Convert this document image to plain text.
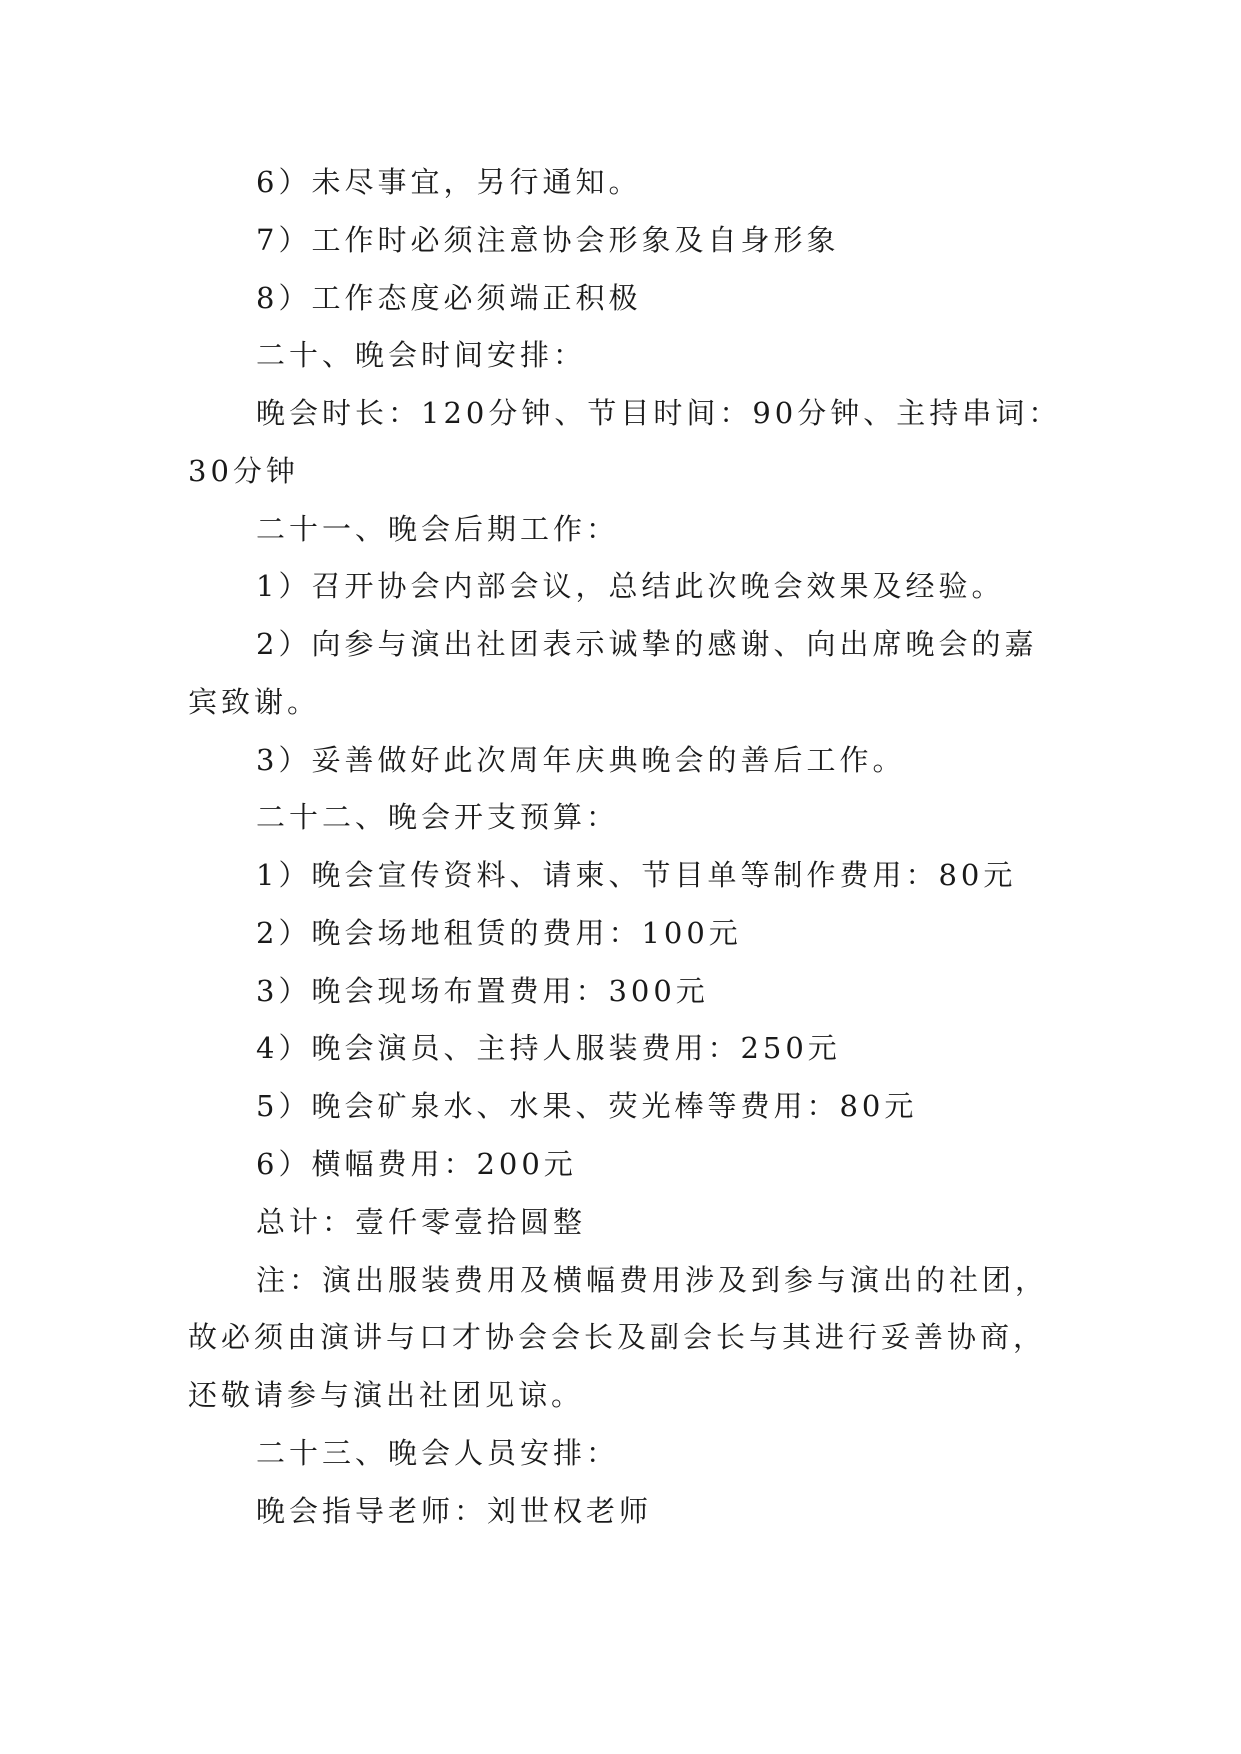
6）未尽事宜，另行通知。
7）工作时必须注意协会形象及自身形象
8）工作态度必须端正积极
二十、晚会时间安排：
晚会时长：120分钟、节目时间：90分钟、主持串词：
30分钟
二十一、晚会后期工作：
1）召开协会内部会议，总结此次晚会效果及经验。
2）向参与演出社团表示诚挚的感谢、向出席晚会的嘉
宾致谢。
3）妥善做好此次周年庆典晚会的善后工作。
二十二、晚会开支预算：
1）晚会宣传资料、请柬、节目单等制作费用：80元
2）晚会场地租赁的费用：100元
3）晚会现场布置费用：300元
4）晚会演员、主持人服装费用：250元
5）晚会矿泉水、水果、荧光棒等费用：80元
6）横幅费用：200元
总计：壹仟零壹拾圆整
注：演出服装费用及横幅费用涉及到参与演出的社团，
故必须由演讲与口才协会会长及副会长与其进行妥善协商，
还敬请参与演出社团见谅。
二十三、晚会人员安排：
晚会指导老师：刘世权老师
